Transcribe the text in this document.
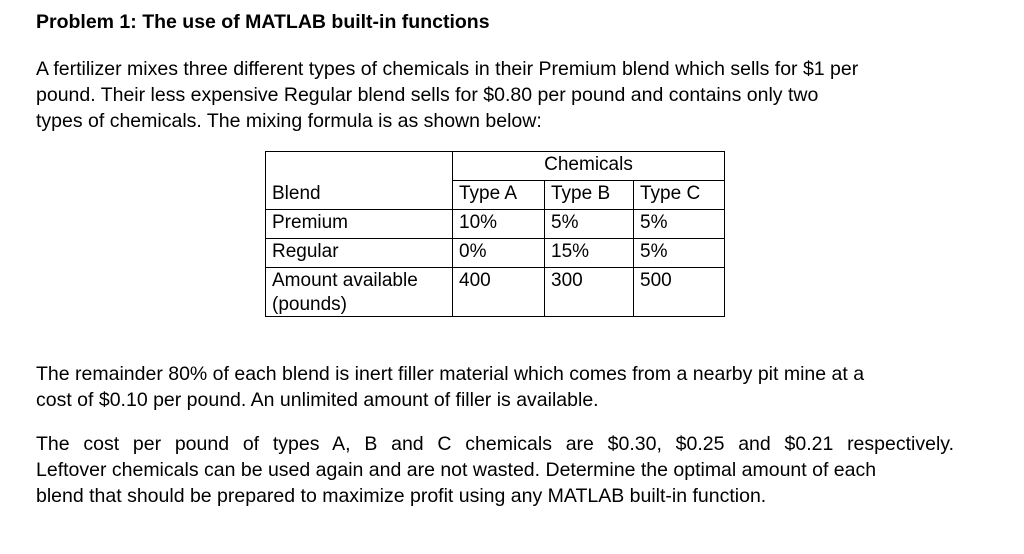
Problem 1: The use of MATLAB built-in functions

A fertilizer mixes three different types of chemicals in their Premium blend which sells for $1 per
pound. Their less expensive Regular blend sells for $0.80 per pound and contains only two
types of chemicals. The mixing formula is as shown below:

	Chemicals		
Blend	Type A	Type B	Type C
Premium	10%	5%	5%
Regular	0%	15%	5%

Amount available
(pounds)	400	300	500

The remainder 80% of each blend is inert filler material which comes from a nearby pit mine at a
cost of $0.10 per pound. An unlimited amount of filler is available.

The cost per pound of types A, B and C chemicals are $0.30, $0.25 and $0.21 respectively.
Leftover chemicals can be used again and are not wasted. Determine the optimal amount of each
blend that should be prepared to maximize profit using any MATLAB built-in function.
